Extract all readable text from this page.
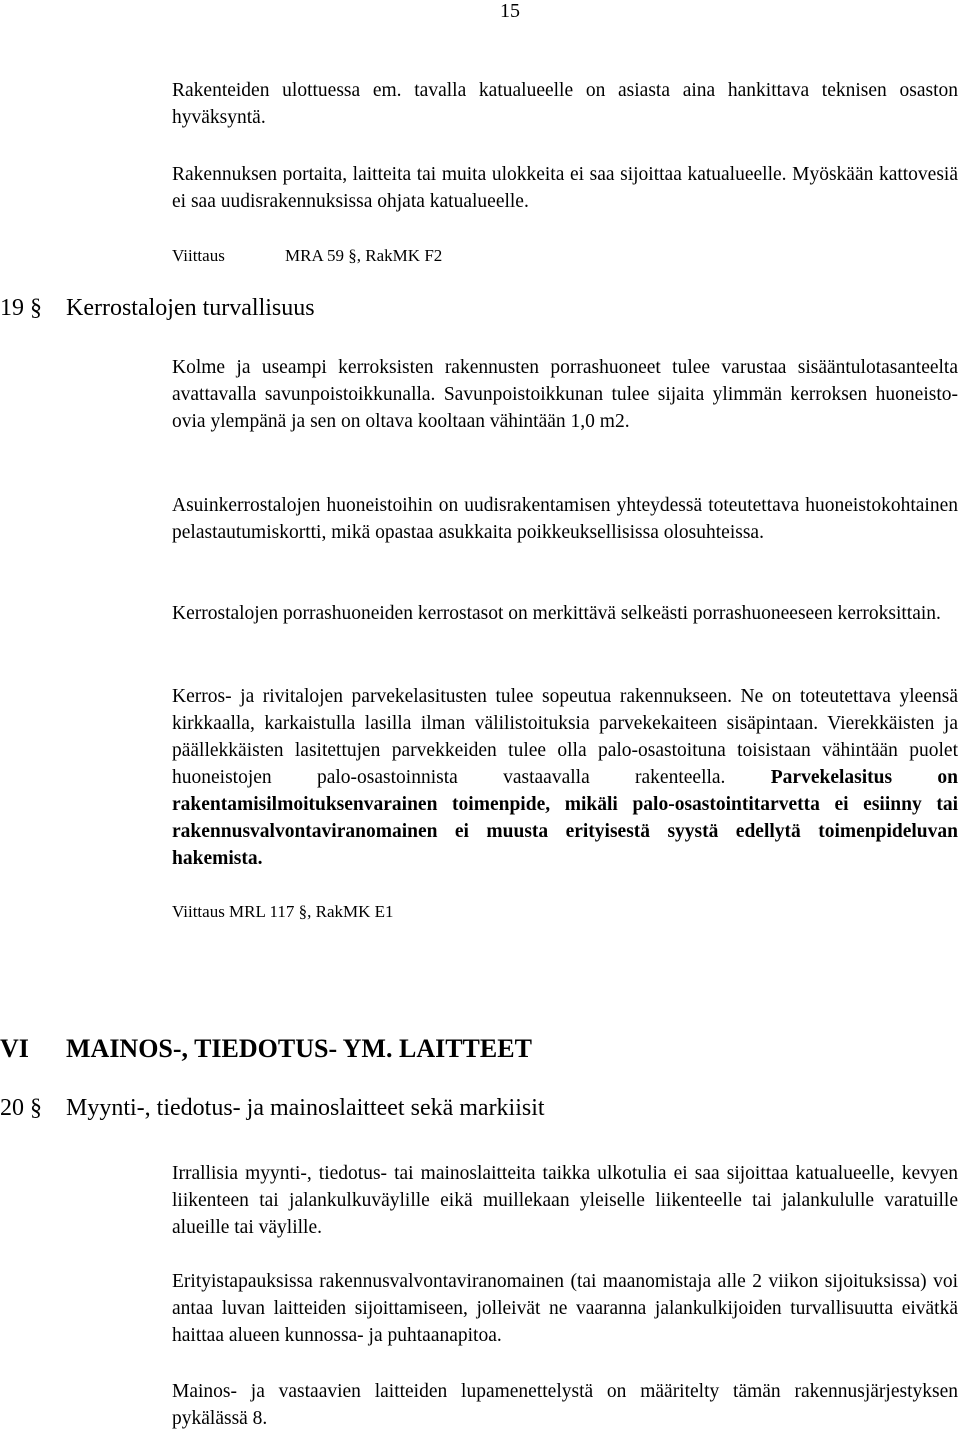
15

Rakenteiden ulottuessa em. tavalla katualueelle on asiasta aina hankittava teknisen osaston hyväksyntä.

Rakennuksen portaita, laitteita tai muita ulokkeita ei saa sijoittaa katualueelle. Myöskään kattovesiä ei saa uudisrakennuksissa ohjata katualueelle.

Viittaus	MRA 59 §, RakMK F2
19 § Kerrostalojen turvallisuus

Kolme ja useampi kerroksisten rakennusten porrashuoneet tulee varustaa sisääntulotasanteelta avattavalla savunpoistoikkunalla. Savunpoistoikkunan tulee sijaita ylimmän kerroksen huoneisto-ovia ylempänä ja sen on oltava kooltaan vähintään 1,0 m2.

Asuinkerrostalojen huoneistoihin on uudisrakentamisen yhteydessä toteutettava huoneistokohtainen pelastautumiskortti, mikä opastaa asukkaita poikkeuksellisissa olosuhteissa.

Kerrostalojen porrashuoneiden kerrostasot on merkittävä selkeästi porrashuoneeseen kerroksittain.

Kerros- ja rivitalojen parvekelasitusten tulee sopeutua rakennukseen. Ne on toteutettava yleensä kirkkaalla, karkaistulla lasilla ilman välilistoituksia parvekekaiteen sisäpintaan. Vierekkäisten ja päällekkäisten lasitettujen parvekkeiden tulee olla palo-osastoituna toisistaan vähintään puolet huoneistojen palo-osastoinnista vastaavalla rakenteella. Parvekelasitus on rakentamisilmoituksenvarainen toimenpide, mikäli palo-osastointitarvetta ei esiinny tai rakennusvalvontaviranomainen ei muusta erityisestä syystä edellytä toimenpideluvan hakemista.

Viittaus MRL 117 §, RakMK E1
VI MAINOS-, TIEDOTUS- YM. LAITTEET
20 § Myynti-, tiedotus- ja mainoslaitteet sekä markiisit

Irrallisia myynti-, tiedotus- tai mainoslaitteita taikka ulkotulia ei saa sijoittaa katualueelle, kevyen liikenteen tai jalankulkuväylille eikä muillekaan yleiselle liikenteelle tai jalankululle varatuille alueille tai väylille.

Erityistapauksissa rakennusvalvontaviranomainen (tai maanomistaja alle 2 viikon sijoituksissa) voi antaa luvan laitteiden sijoittamiseen, jolleivät ne vaaranna jalankulkijoiden turvallisuutta eivätkä haittaa alueen kunnossa- ja puhtaanapitoa.

Mainos- ja vastaavien laitteiden lupamenettelystä on määritelty tämän rakennusjärjestyksen pykälässä 8.
